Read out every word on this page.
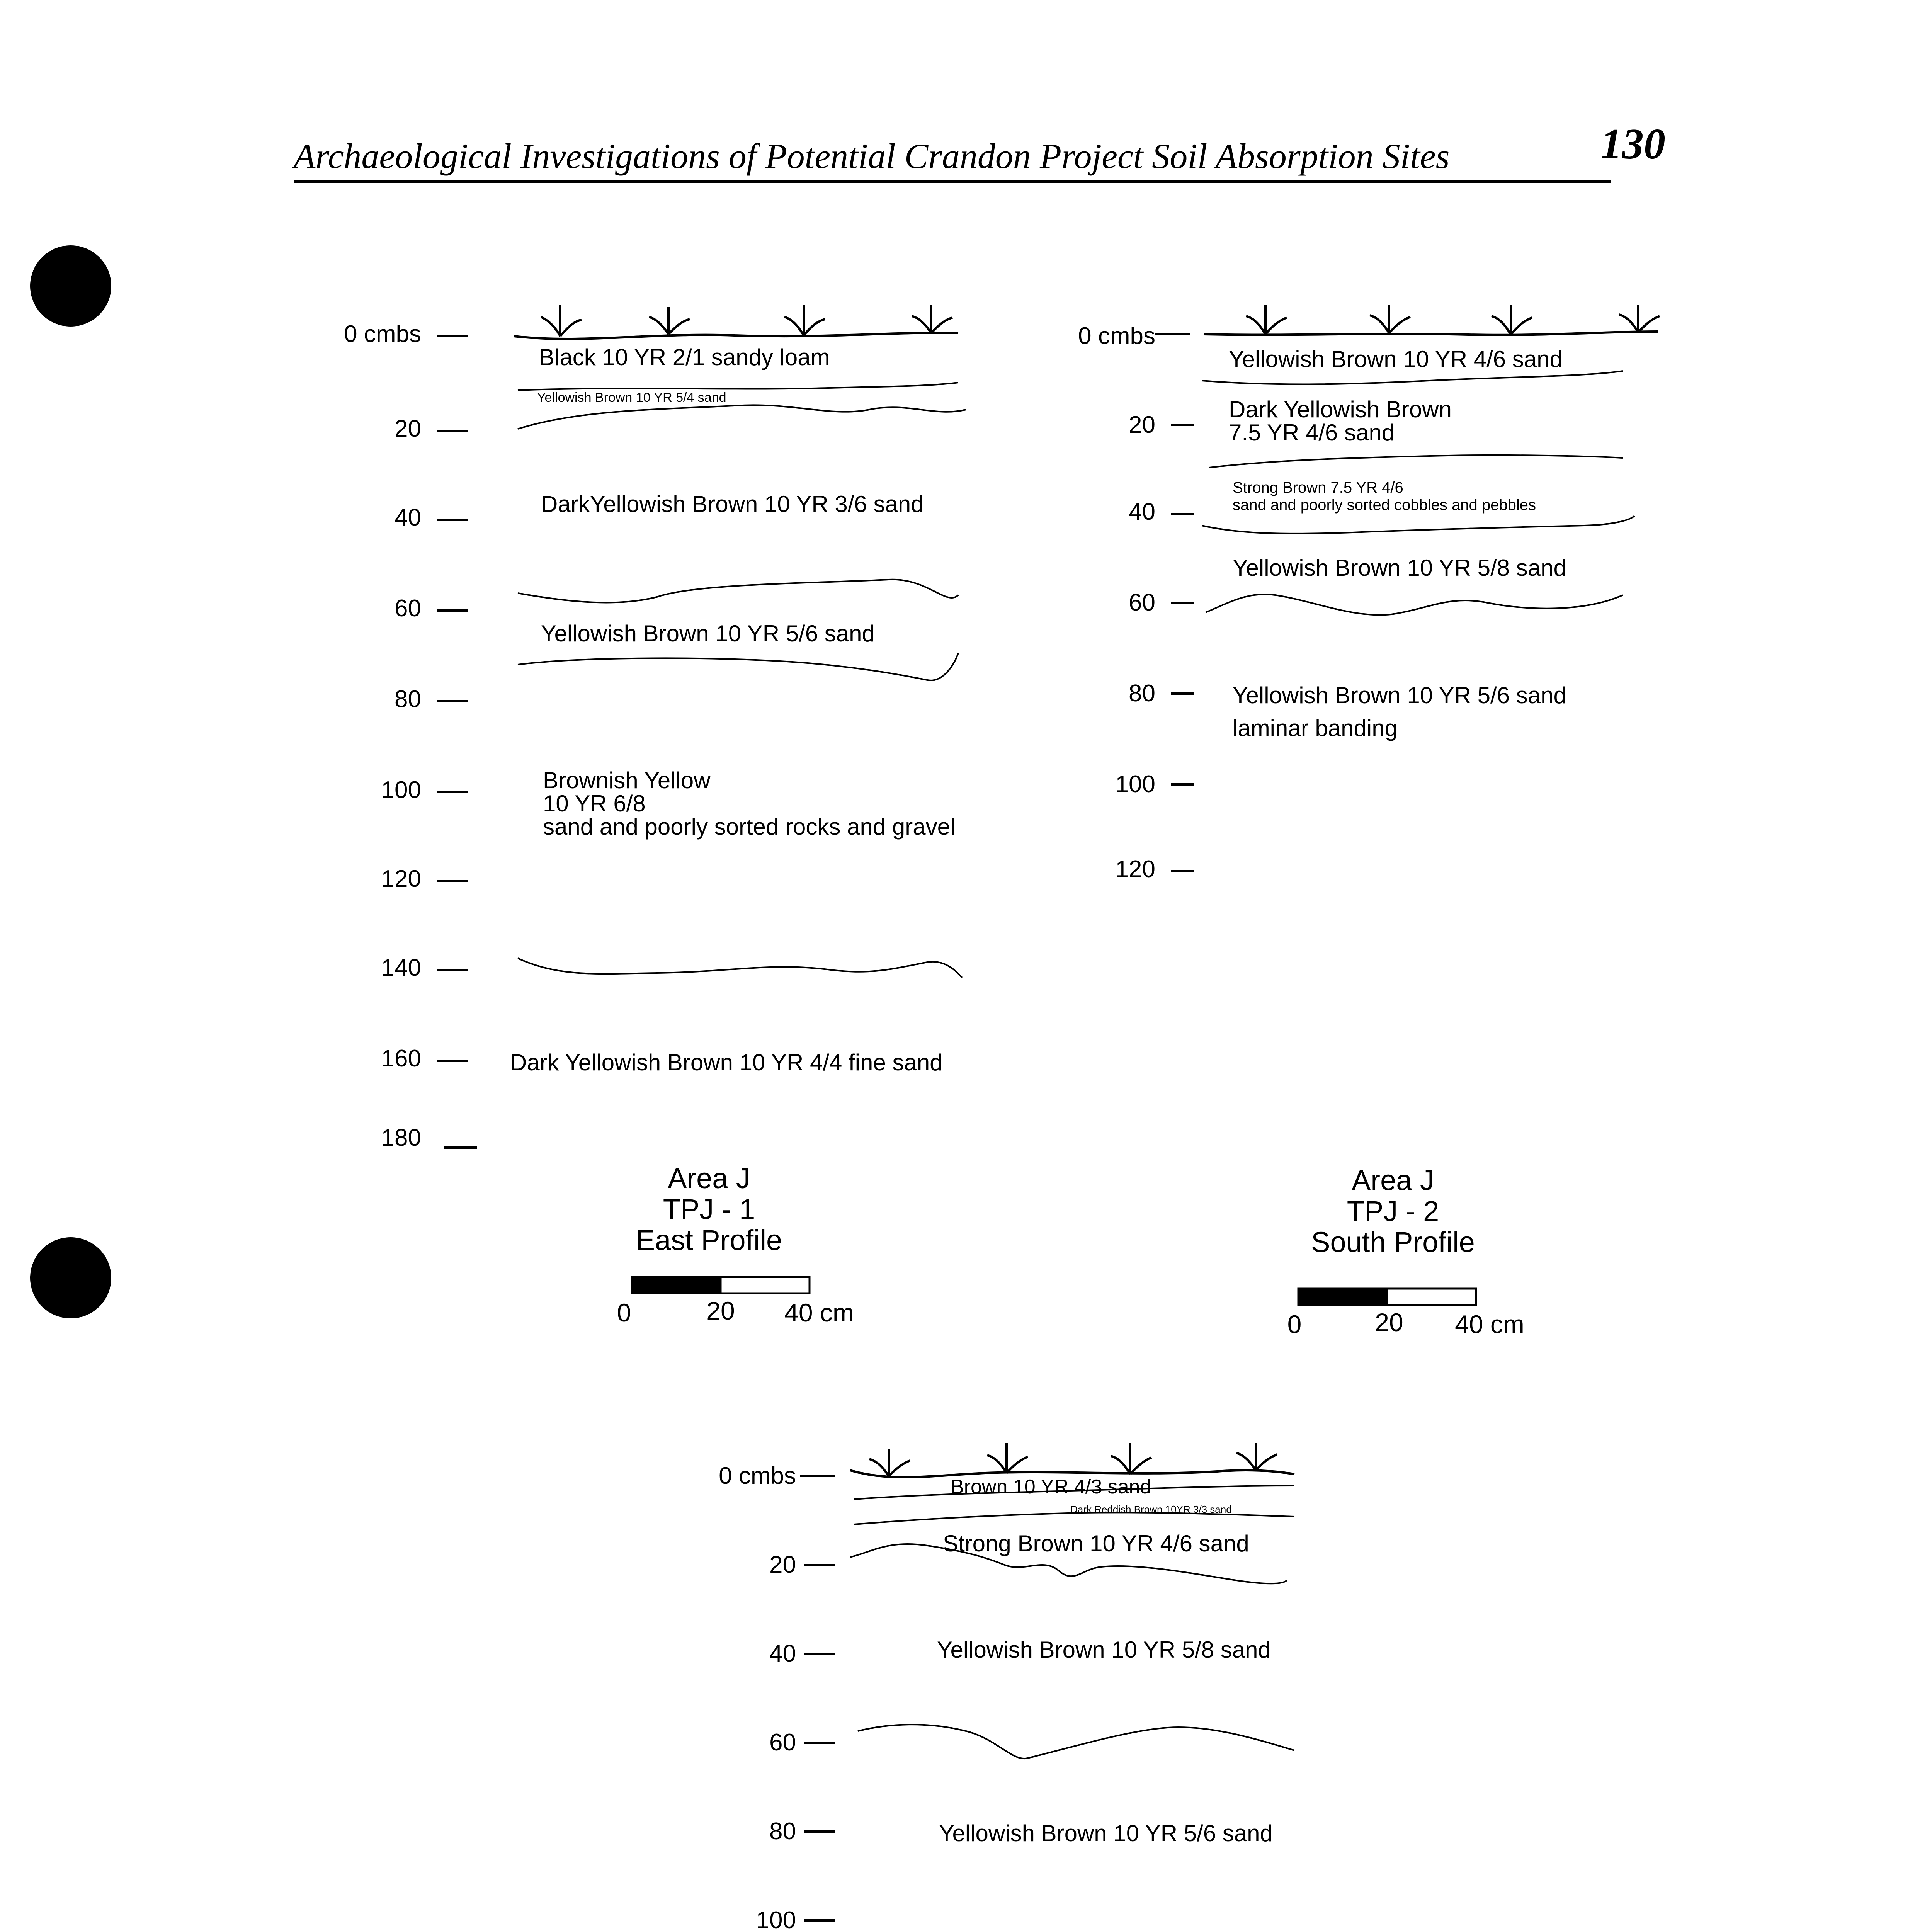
Archaeological Investigations of Potential Crandon Project Soil Absorption Sites	130
0 cmbs
20
40
60
80
100
120
140
160
180
Black 10 YR 2/1 sandy loam
Yellowish Brown 10 YR 5/4 sand
DarkYellowish Brown 10 YR 3/6 sand
Yellowish Brown 10 YR 5/6 sand
Brownish Yellow
10 YR 6/8
sand and poorly sorted rocks and gravel
Dark Yellowish Brown 10 YR 4/4 fine sand
Area J
TPJ - 1
East Profile
0	20 40 cm
0 cmbs
20
40
60
80
100
120
Yellowish Brown 10 YR 4/6 sand
Dark Yellowish Brown
7.5 YR 4/6 sand
Strong Brown 7.5 YR 4/6
sand and poorly sorted cobbles and pebbles
Yellowish Brown 10 YR 5/8 sand
Yellowish Brown 10 YR 5/6 sand
laminar banding
Area J
TPJ - 2
South Profile
0	20 40 cm
0 cmbs
20
40
60
80
100
Brown 10 YR 4/3 sand
Dark Reddish Brown 10YR 3/3 sand
Strong Brown 10 YR 4/6 sand
Yellowish Brown 10 YR 5/8 sand
Yellowish Brown 10 YR 5/6 sand
